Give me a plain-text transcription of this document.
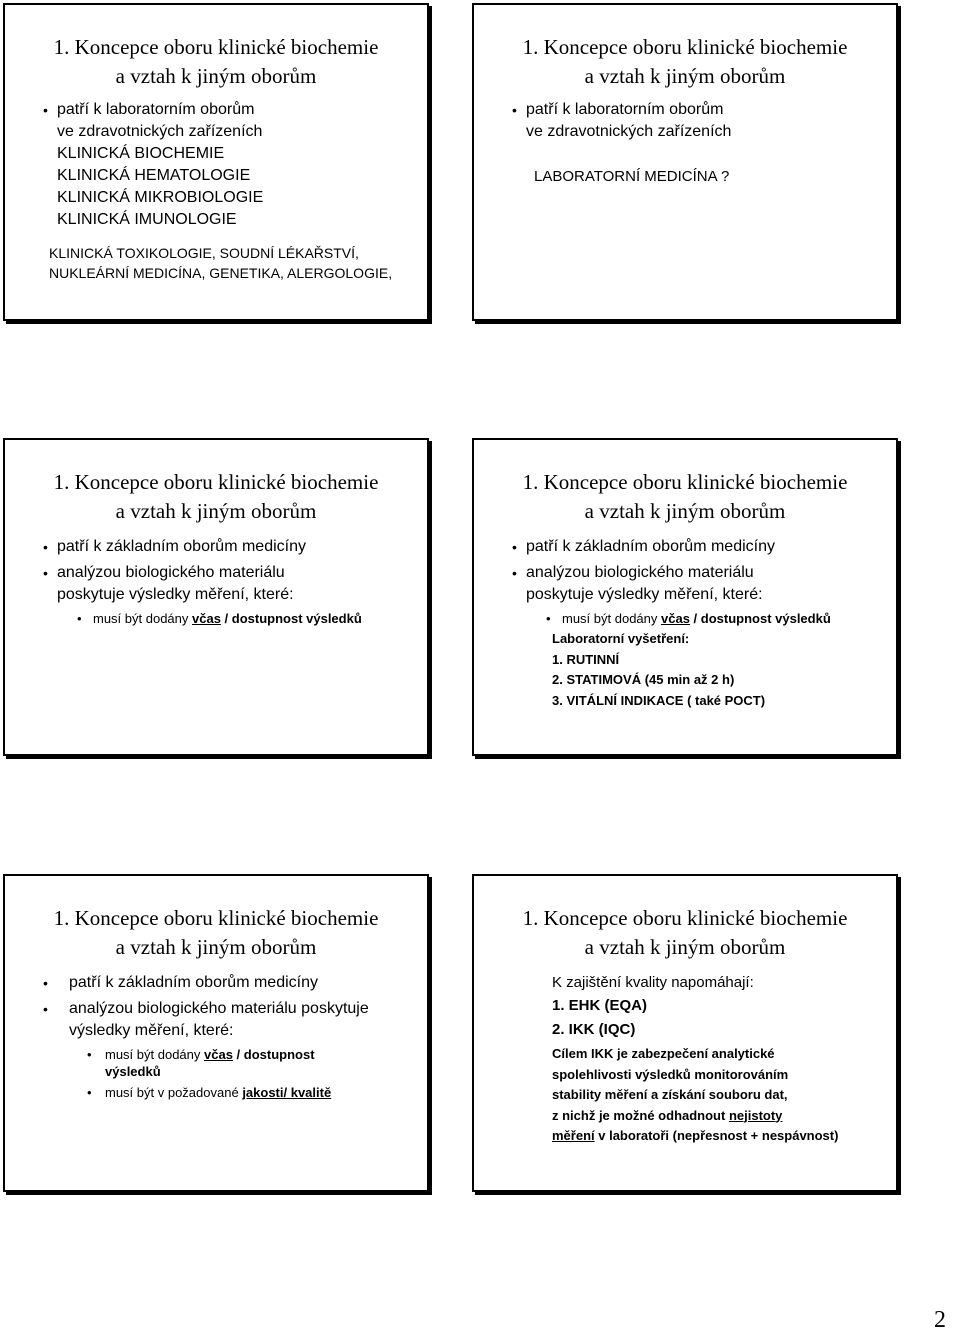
1. Koncepce oboru klinické biochemie
a vztah k jiným oborům
• patří k laboratorním oborům
ve zdravotnických zařízeních
KLINICKÁ BIOCHEMIE
KLINICKÁ HEMATOLOGIE
KLINICKÁ MIKROBIOLOGIE
KLINICKÁ IMUNOLOGIE
KLINICKÁ TOXIKOLOGIE, SOUDNÍ LÉKAŘSTVÍ,
NUKLEÁRNÍ MEDICÍNA, GENETIKA, ALERGOLOGIE,
1. Koncepce oboru klinické biochemie
a vztah k jiným oborům
• patří k laboratorním oborům
ve zdravotnických zařízeních
LABORATORNÍ MEDICÍNA ?
1. Koncepce oboru klinické biochemie
a vztah k jiným oborům
• patří k základním oborům medicíny
• analýzou biologického materiálu
poskytuje výsledky měření, které:
• musí být dodány včas / dostupnost výsledků
1. Koncepce oboru klinické biochemie
a vztah k jiným oborům
• patří k základním oborům medicíny
• analýzou biologického materiálu
poskytuje výsledky měření, které:
• musí být dodány včas / dostupnost výsledků
Laboratorní vyšetření:
1. RUTINNÍ
2. STATIMOVÁ (45 min až 2 h)
3. VITÁLNÍ INDIKACE ( také POCT)
1. Koncepce oboru klinické biochemie
a vztah k jiným oborům
• patří k základním oborům medicíny
• analýzou biologického materiálu poskytuje
výsledky měření, které:
• musí být dodány včas / dostupnost
výsledků
• musí být v požadované jakosti/ kvalitě
1. Koncepce oboru klinické biochemie
a vztah k jiným oborům
K zajištění kvality napomáhají:
1. EHK (EQA)
2. IKK (IQC)
Cílem IKK je zabezpečení analytické
spolehlivosti výsledků monitorováním
stability měření a získání souboru dat,
z nichž je možné odhadnout nejistoty
měření v laboratoři (nepřesnost + nespávnost)
2
